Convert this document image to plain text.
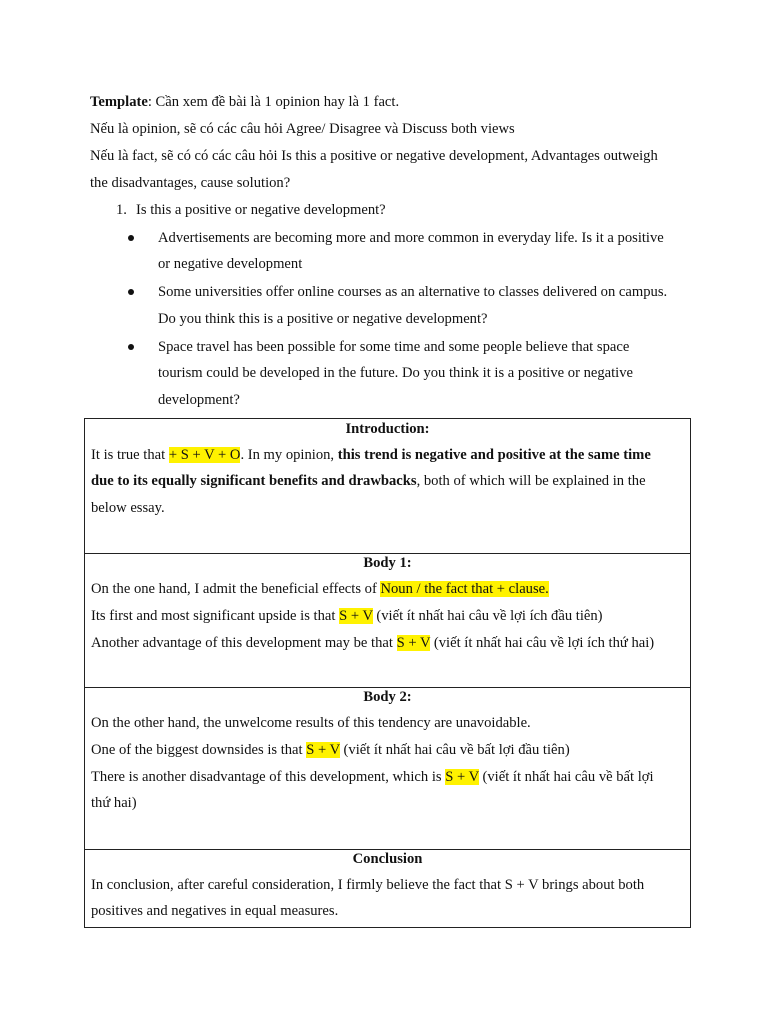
Template: Cần xem đề bài là 1 opinion hay là 1 fact.
Nếu là opinion, sẽ có các câu hỏi Agree/ Disagree và Discuss both views
Nếu là fact, sẽ có có các câu hỏi Is this a positive or negative development, Advantages outweigh
the disadvantages, cause solution?
1. Is this a positive or negative development?
Advertisements are becoming more and more common in everyday life. Is it a positive
or negative development
Some universities offer online courses as an alternative to classes delivered on campus.
Do you think this is a positive or negative development?
Space travel has been possible for some time and some people believe that space
tourism could be developed in the future. Do you think it is a positive or negative
development?
Introduction:
It is true that + S + V + O. In my opinion, this trend is negative and positive at the same time
due to its equally significant benefits and drawbacks, both of which will be explained in the
below essay.
Body 1:
On the one hand, I admit the beneficial effects of Noun / the fact that + clause.
Its first and most significant upside is that S + V (viết ít nhất hai câu về lợi ích đầu tiên)
Another advantage of this development may be that S + V (viết ít nhất hai câu về lợi ích thứ hai)
Body 2:
On the other hand, the unwelcome results of this tendency are unavoidable.
One of the biggest downsides is that S + V (viết ít nhất hai câu về bất lợi đầu tiên)
There is another disadvantage of this development, which is S + V (viết ít nhất hai câu về bất lợi
thứ hai)
Conclusion
In conclusion, after careful consideration, I firmly believe the fact that S + V brings about both
positives and negatives in equal measures.
